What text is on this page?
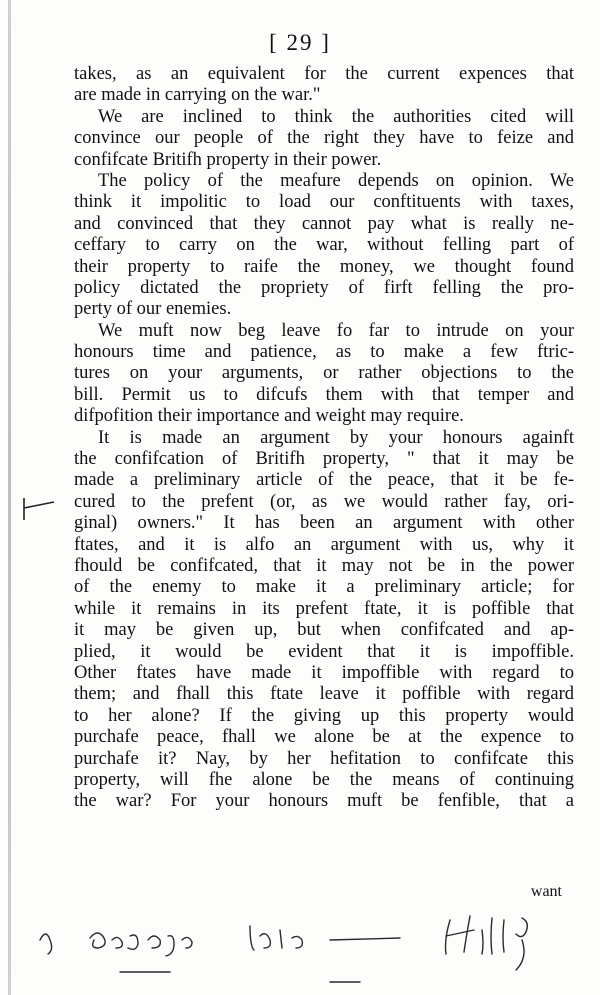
[ 29 ]
takes, as an equivalent for the current expences that
are made in carrying on the war."
We are inclined to think the authorities cited will
convince our people of the right they have to feize and
confifcate Britifh property in their power.
The policy of the meafure depends on opinion. We
think it impolitic to load our conftituents with taxes,
and convinced that they cannot pay what is really ne-
ceffary to carry on the war, without felling part of
their property to raife the money, we thought found
policy dictated the propriety of firft felling the pro-
perty of our enemies.
We muft now beg leave fo far to intrude on your
honours time and patience, as to make a few ftric-
tures on your arguments, or rather objections to the
bill. Permit us to difcufs them with that temper and
difpofition their importance and weight may require.
It is made an argument by your honours againft
the confifcation of Britifh property, " that it may be
made a preliminary article of the peace, that it be fe-
cured to the prefent (or, as we would rather fay, ori-
ginal) owners." It has been an argument with other
ftates, and it is alfo an argument with us, why it
fhould be confifcated, that it may not be in the power
of the enemy to make it a preliminary article; for
while it remains in its prefent ftate, it is poffible that
it may be given up, but when confifcated and ap-
plied, it would be evident that it is impoffible.
Other ftates have made it impoffible with regard to
them; and fhall this ftate leave it poffible with regard
to her alone? If the giving up this property would
purchafe peace, fhall we alone be at the expence to
purchafe it? Nay, by her hefitation to confifcate this
property, will fhe alone be the means of continuing
the war? For your honours muft be fenfible, that a
want
